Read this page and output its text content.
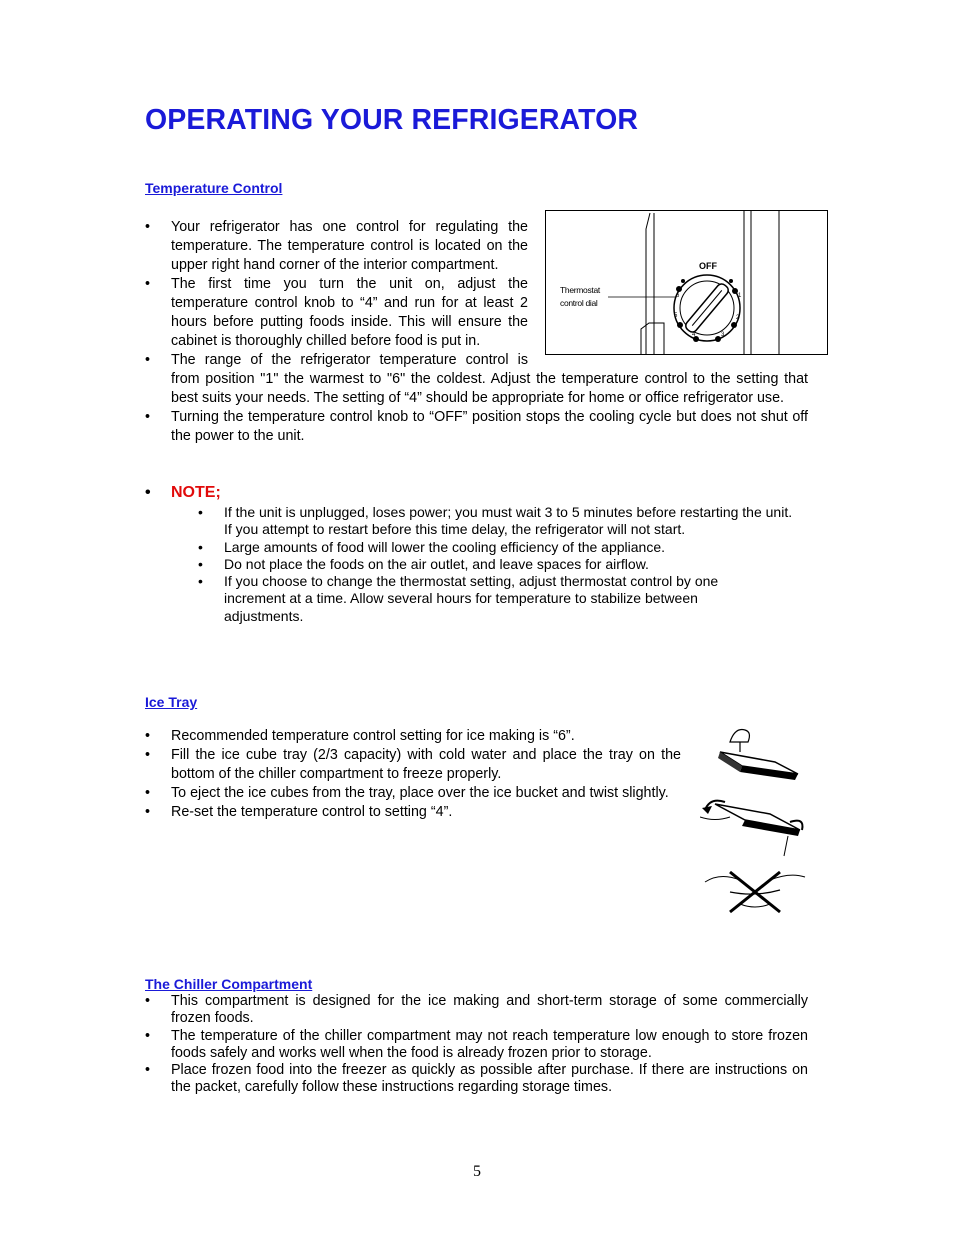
OPERATING YOUR REFRIGERATOR
Temperature Control
• Your refrigerator has one control for regulating the temperature. The temperature control is located on the upper right hand corner of the interior compartment.
• The first time you turn the unit on, adjust the temperature control knob to “4” and run for at least 2 hours before putting foods inside. This will ensure the cabinet is thoroughly chilled before food is put in.
• The range of the refrigerator temperature control is
from position "1" the warmest to "6" the coldest. Adjust the temperature control to the setting that best suits your needs. The setting of “4” should be appropriate for home or office refrigerator use.
• Turning the temperature control knob to “OFF” position stops the cooling cycle but does not shut off the power to the unit.
OFF
6
5
4	3
2
1
Thermostat
control dial
• NOTE;
• If the unit is unplugged, loses power; you must wait 3 to 5 minutes before restarting the unit. If you attempt to restart before this time delay, the refrigerator will not start.
• Large amounts of food will lower the cooling efficiency of the appliance.
• Do not place the foods on the air outlet, and leave spaces for airflow.
• If you choose to change the thermostat setting, adjust thermostat control by one increment at a time. Allow several hours for temperature to stabilize between adjustments.
Ice Tray
• Recommended temperature control setting for ice making is “6”.
• Fill the ice cube tray (2/3 capacity) with cold water and place the tray on the bottom of the chiller compartment to freeze properly.
• To eject the ice cubes from the tray, place over the ice bucket and twist slightly.
• Re-set the temperature control to setting “4”.
The Chiller Compartment
• This compartment is designed for the ice making and short-term storage of some commercially frozen foods.
• The temperature of the chiller compartment may not reach temperature low enough to store frozen foods safely and works well when the food is already frozen prior to storage.
• Place frozen food into the freezer as quickly as possible after purchase. If there are instructions on the packet, carefully follow these instructions regarding storage times.
5
